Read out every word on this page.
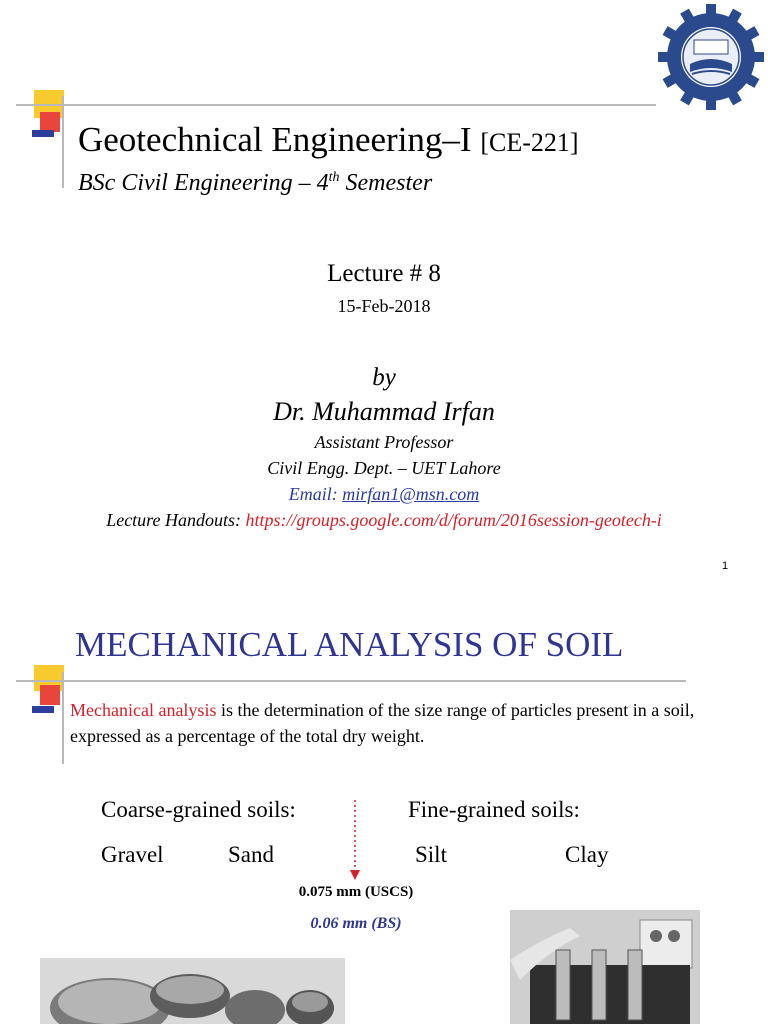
Geotechnical Engineering–I [CE-221]
BSc Civil Engineering – 4th Semester
Lecture # 8
15-Feb-2018
by
Dr. Muhammad Irfan
Assistant Professor
Civil Engg. Dept. – UET Lahore
Email: mirfan1@msn.com
Lecture Handouts: https://groups.google.com/d/forum/2016session-geotech-i
1
MECHANICAL ANALYSIS OF SOIL
Mechanical analysis is the determination of the size range of particles present in a soil, expressed as a percentage of the total dry weight.
Coarse-grained soils:	Fine-grained soils:
Gravel	Sand	Silt	Clay
0.075 mm (USCS)
0.06 mm (BS)
